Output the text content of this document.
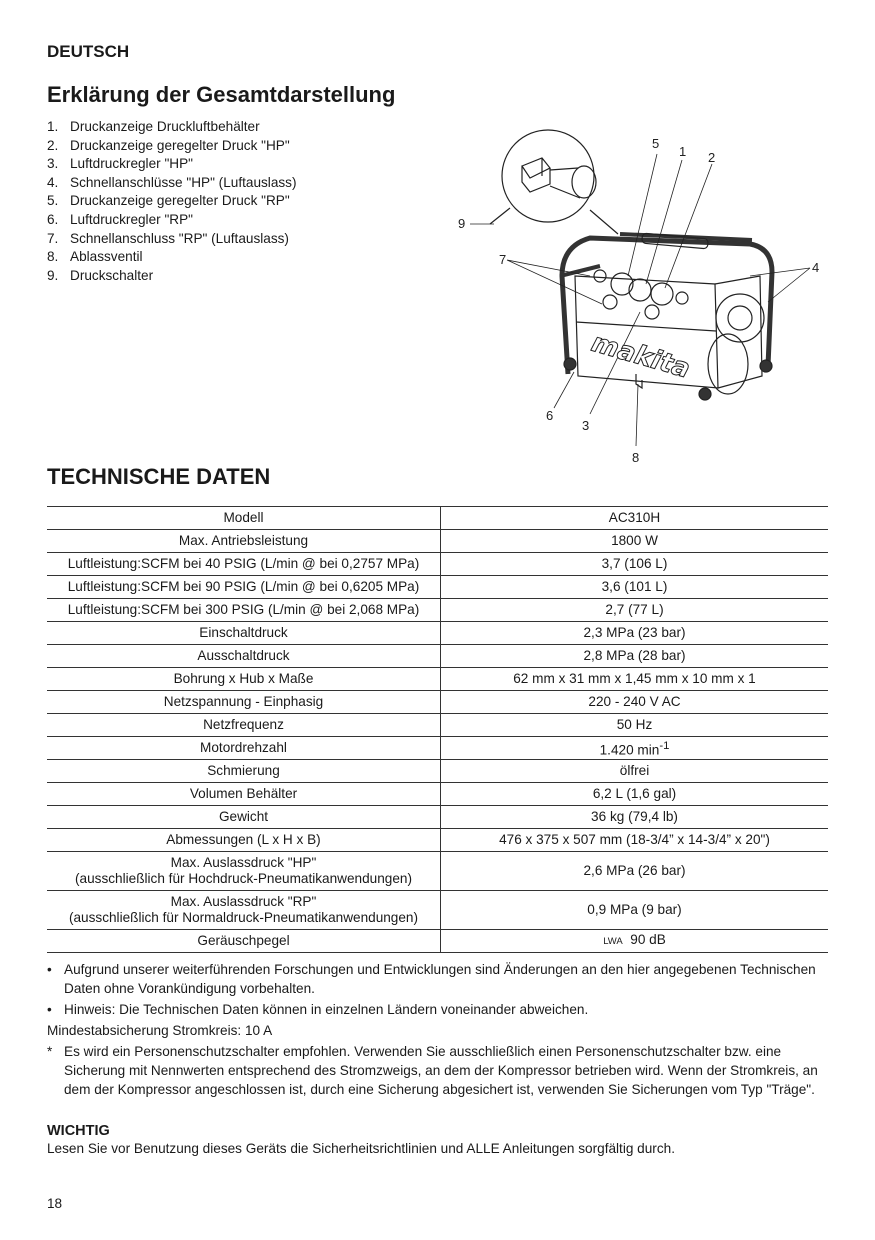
DEUTSCH
Erklärung der Gesamtdarstellung
1. Druckanzeige Druckluftbehälter
2. Druckanzeige geregelter Druck "HP"
3. Luftdruckregler "HP"
4. Schnellanschlüsse "HP" (Luftauslass)
5. Druckanzeige geregelter Druck "RP"
6. Luftdruckregler "RP"
7. Schnellanschluss "RP" (Luftauslass)
8. Ablassventil
9. Druckschalter
makita
5
1 2
9
7
4
6
3
8
TECHNISCHE DATEN
Modell	AC310H
Max. Antriebsleistung	1800 W
Luftleistung:SCFM bei 40 PSIG (L/min @ bei 0,2757 MPa)	3,7 (106 L)
Luftleistung:SCFM bei 90 PSIG (L/min @ bei 0,6205 MPa)	3,6 (101 L)
Luftleistung:SCFM bei 300 PSIG (L/min @ bei 2,068 MPa)	2,7 (77 L)
Einschaltdruck	2,3 MPa (23 bar)
Ausschaltdruck	2,8 MPa (28 bar)
Bohrung x Hub x Maße	62 mm x 31 mm x 1,45 mm x 10 mm x 1
Netzspannung - Einphasig	220 - 240 V AC
Netzfrequenz	50 Hz
Motordrehzahl	1.420 $\min^{-1}$
Schmierung	ölfrei
Volumen Behälter	6,2 L (1,6 gal)
Gewicht	36 kg (79,4 lb)
Abmessungen (L x H x B)	476 x 375 x 507 mm (18-3/4” x 14-3/4” x 20")

Max. Auslassdruck "HP"
(ausschließlich für Hochdruck-Pneumatikanwendungen)	2,6 MPa (26 bar)

Max. Auslassdruck "RP"
(ausschließlich für Normaldruck-Pneumatikanwendungen)	0,9 MPa (9 bar)
Geräuschpegel	LWA 90 dB
• Aufgrund unserer weiterführenden Forschungen und Entwicklungen sind Änderungen an den hier angegebenen Technischen Daten ohne Vorankündigung vorbehalten.
• Hinweis: Die Technischen Daten können in einzelnen Ländern voneinander abweichen.
Mindestabsicherung Stromkreis: 10 A
* Es wird ein Personenschutzschalter empfohlen. Verwenden Sie ausschließlich einen Personenschutzschalter bzw. eine Sicherung mit Nennwerten entsprechend des Stromzweigs, an dem der Kompressor betrieben wird. Wenn der Stromkreis, an dem der Kompressor angeschlossen ist, durch eine Sicherung abgesichert ist, verwenden Sie Sicherungen vom Typ "Träge".
WICHTIG
Lesen Sie vor Benutzung dieses Geräts die Sicherheitsrichtlinien und ALLE Anleitungen sorgfältig durch.
18
